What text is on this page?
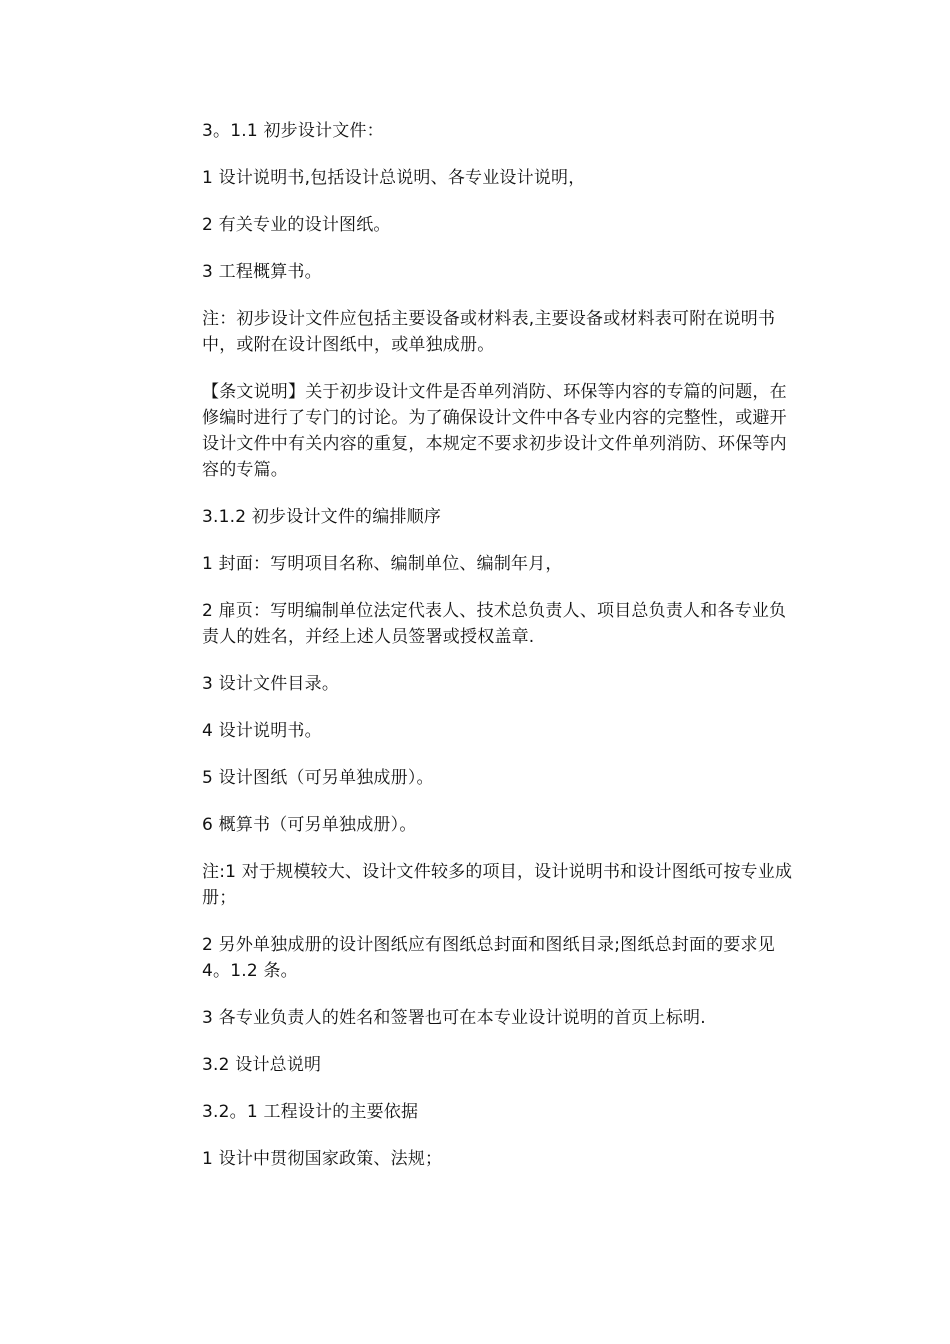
3。1.1 初步设计文件：

1 设计说明书,包括设计总说明、各专业设计说明，

2 有关专业的设计图纸。

3 工程概算书。

注：初步设计文件应包括主要设备或材料表,主要设备或材料表可附在说明书中，或附在设计图纸中，或单独成册。

【条文说明】关于初步设计文件是否单列消防、环保等内容的专篇的问题，在修编时进行了专门的讨论。为了确保设计文件中各专业内容的完整性，或避开设计文件中有关内容的重复，本规定不要求初步设计文件单列消防、环保等内容的专篇。

3.1.2 初步设计文件的编排顺序

1 封面：写明项目名称、编制单位、编制年月，

2 扉页：写明编制单位法定代表人、技术总负责人、项目总负责人和各专业负责人的姓名，并经上述人员签署或授权盖章.

3 设计文件目录。

4 设计说明书。

5 设计图纸（可另单独成册）。

6 概算书（可另单独成册）。

注:1 对于规模较大、设计文件较多的项目，设计说明书和设计图纸可按专业成册；

2 另外单独成册的设计图纸应有图纸总封面和图纸目录;图纸总封面的要求见 4。1.2 条。

3 各专业负责人的姓名和签署也可在本专业设计说明的首页上标明.

3.2 设计总说明

3.2。1 工程设计的主要依据

1 设计中贯彻国家政策、法规；
